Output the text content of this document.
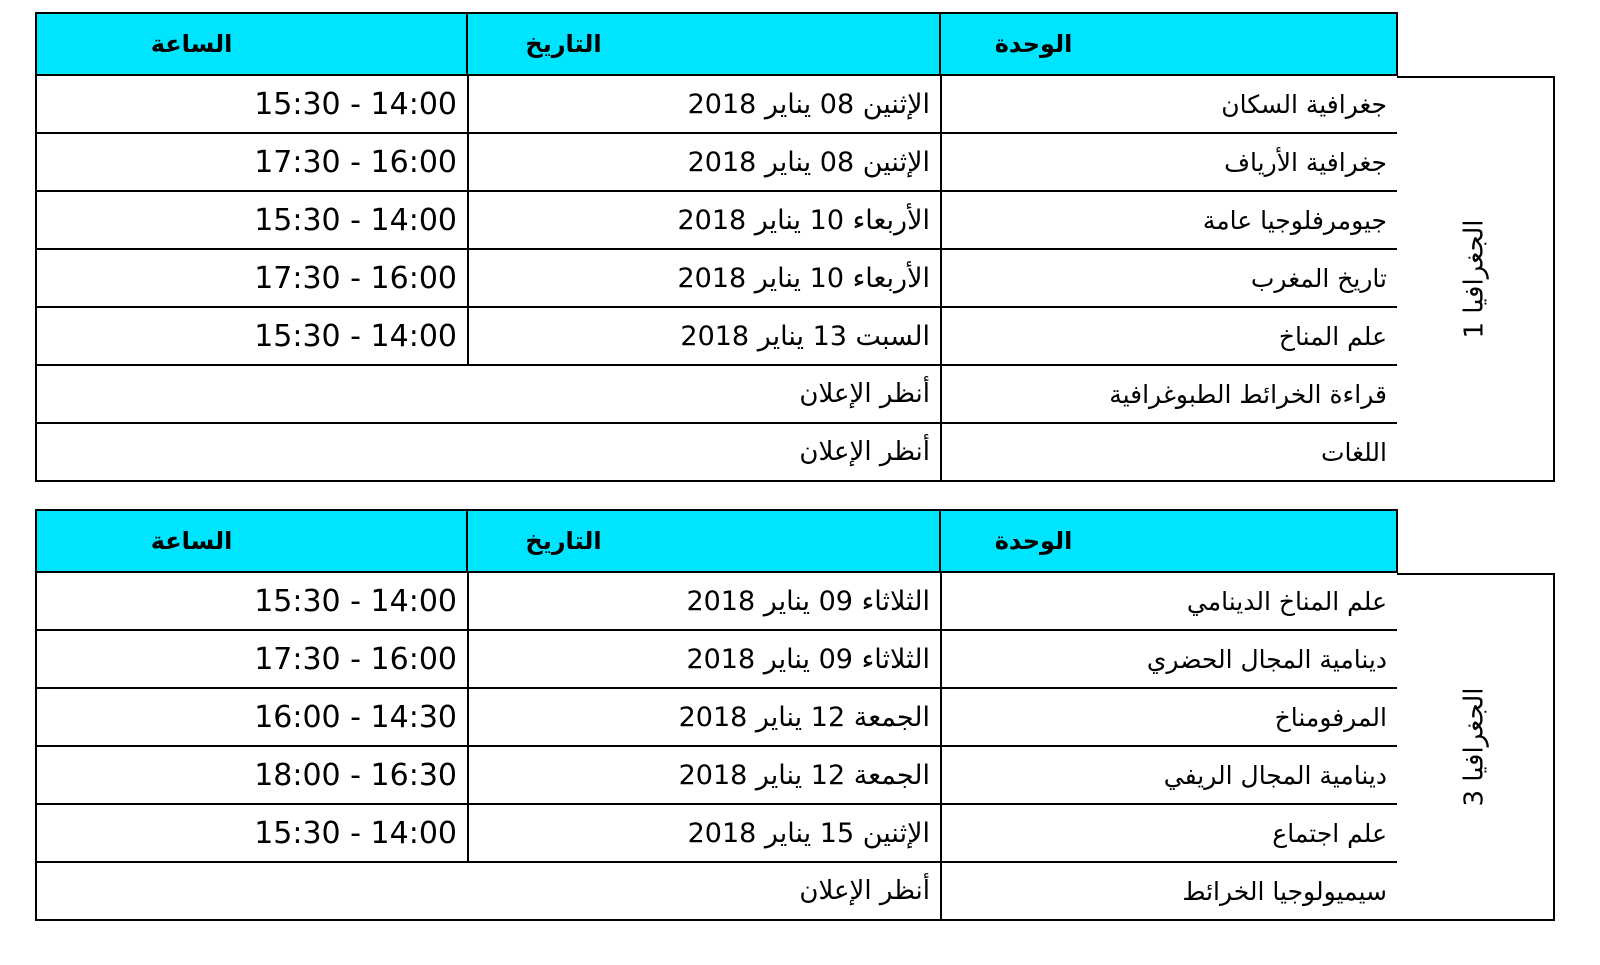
الوحدة
التاريخ
الساعة
الجغرافيا 1
جغرافية السكان
الإثنين 08 يناير 2018
15:30 - 14:00
جغرافية الأرياف
الإثنين 08 يناير 2018
17:30 - 16:00
جيومرفلوجيا عامة
الأربعاء 10 يناير 2018
15:30 - 14:00
تاريخ المغرب
الأربعاء 10 يناير 2018
17:30 - 16:00
علم المناخ
السبت 13 يناير 2018
15:30 - 14:00
قراءة الخرائط الطبوغرافية
أنظر الإعلان
اللغات
أنظر الإعلان
الوحدة
التاريخ
الساعة
الجغرافيا 3
علم المناخ الدينامي
الثلاثاء 09 يناير 2018
15:30 - 14:00
دينامية المجال الحضري
الثلاثاء 09 يناير 2018
17:30 - 16:00
المرفومناخ
الجمعة 12 يناير 2018
16:00 - 14:30
دينامية المجال الريفي
الجمعة 12 يناير 2018
18:00 - 16:30
علم اجتماع
الإثنين 15 يناير 2018
15:30 - 14:00
سيميولوجيا الخرائط
أنظر الإعلان
